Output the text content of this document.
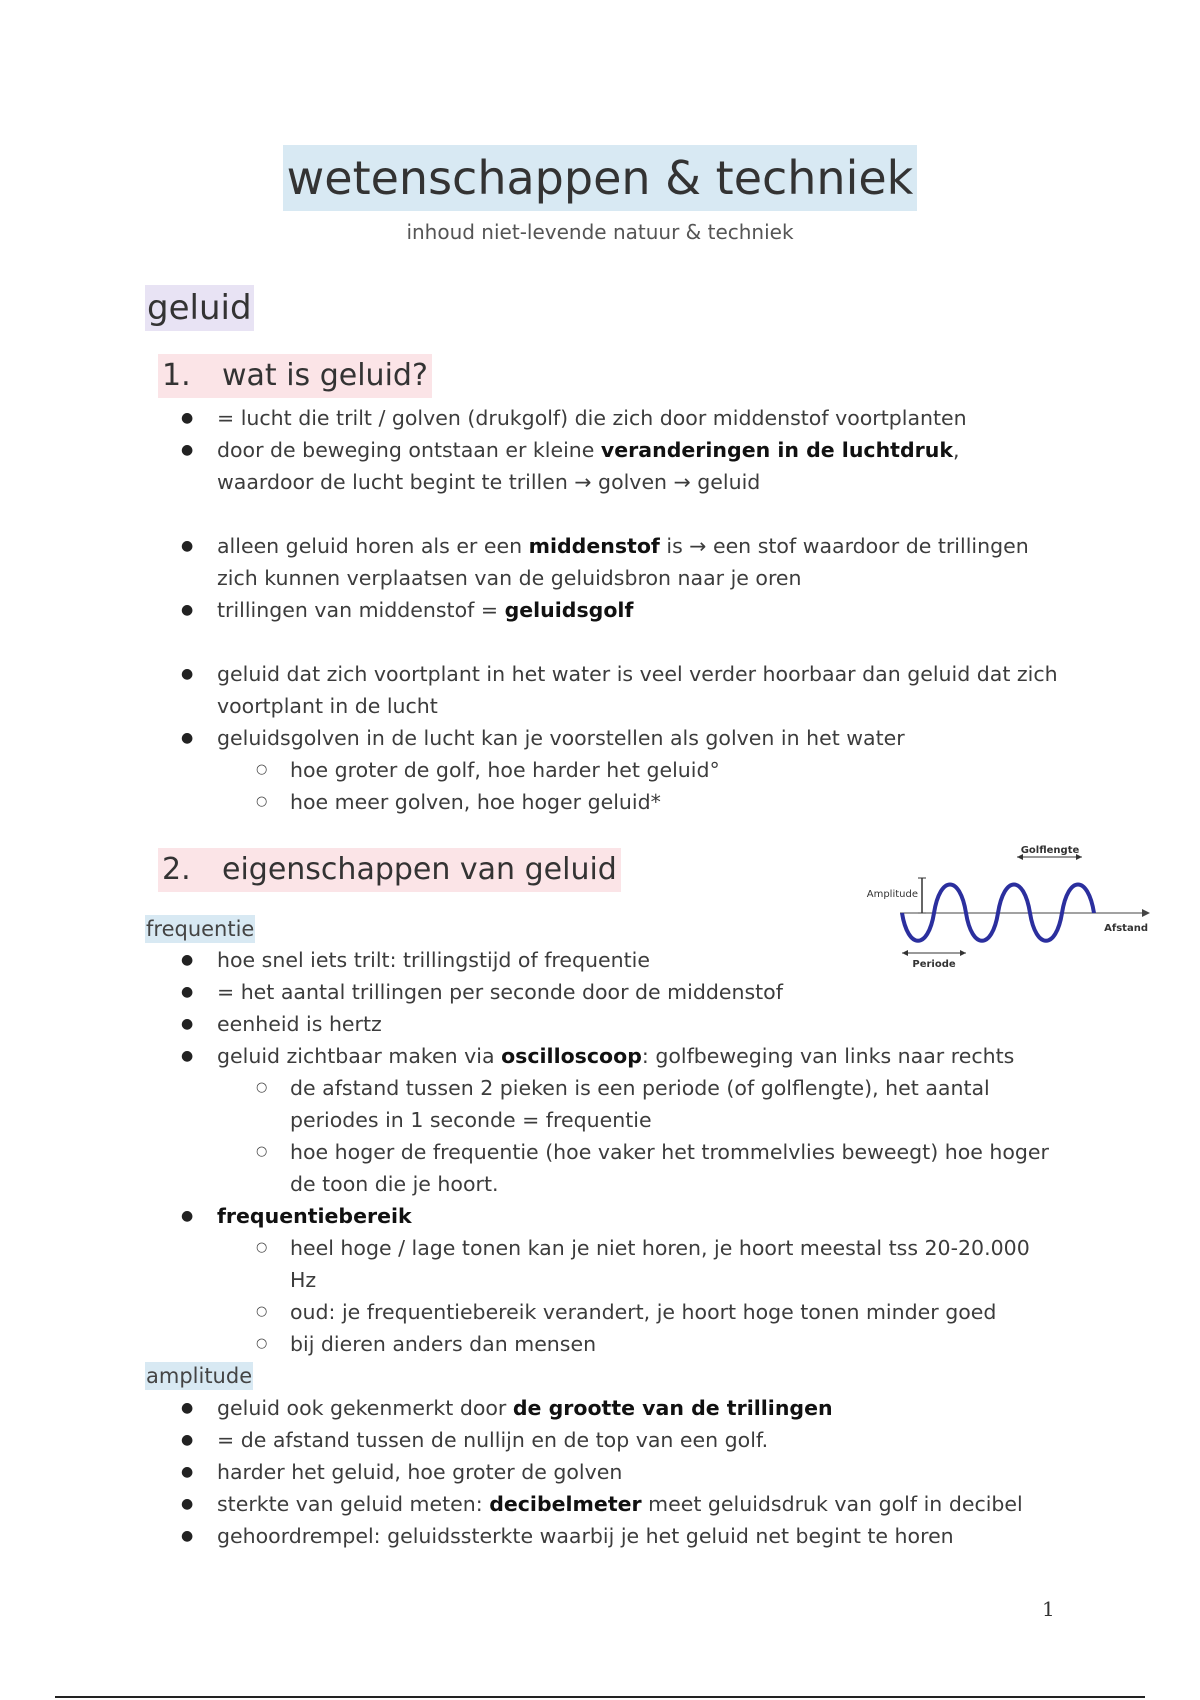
wetenschappen & techniek
inhoud niet-levende natuur & techniek
geluid
1. wat is geluid?
● = lucht die trilt / golven (drukgolf) die zich door middenstof voortplanten
● door de beweging ontstaan er kleine veranderingen in de luchtdruk, waardoor de lucht begint te trillen → golven → geluid
● alleen geluid horen als er een middenstof is → een stof waardoor de trillingen zich kunnen verplaatsen van de geluidsbron naar je oren
● trillingen van middenstof = geluidsgolf
● geluid dat zich voortplant in het water is veel verder hoorbaar dan geluid dat zich voortplant in de lucht
● geluidsgolven in de lucht kan je voorstellen als golven in het water
○ hoe groter de golf, hoe harder het geluid°
○ hoe meer golven, hoe hoger geluid*
2. eigenschappen van geluid
Amplitude
Golflengte
Periode
Afstand
frequentie
● hoe snel iets trilt: trillingstijd of frequentie
● = het aantal trillingen per seconde door de middenstof
● eenheid is hertz
● geluid zichtbaar maken via oscilloscoop: golfbeweging van links naar rechts
○ de afstand tussen 2 pieken is een periode (of golflengte), het aantal periodes in 1 seconde = frequentie
○ hoe hoger de frequentie (hoe vaker het trommelvlies beweegt) hoe hoger de toon die je hoort.
● frequentiebereik
○ heel hoge / lage tonen kan je niet horen, je hoort meestal tss 20-20.000 Hz
○ oud: je frequentiebereik verandert, je hoort hoge tonen minder goed
○ bij dieren anders dan mensen
amplitude
● geluid ook gekenmerkt door de grootte van de trillingen
● = de afstand tussen de nullijn en de top van een golf.
● harder het geluid, hoe groter de golven
● sterkte van geluid meten: decibelmeter meet geluidsdruk van golf in decibel
● gehoordrempel: geluidssterkte waarbij je het geluid net begint te horen
1
